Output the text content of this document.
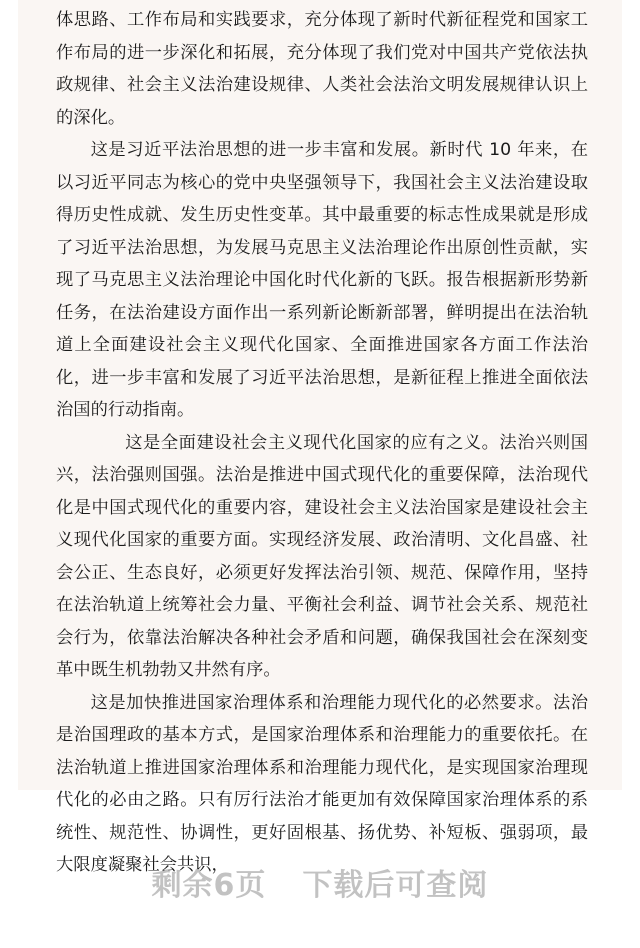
体思路、工作布局和实践要求，充分体现了新时代新征程党和国家工作布局的进一步深化和拓展，充分体现了我们党对中国共产党依法执政规律、社会主义法治建设规律、人类社会法治文明发展规律认识上的深化。

这是习近平法治思想的进一步丰富和发展。新时代 10 年来，在以习近平同志为核心的党中央坚强领导下，我国社会主义法治建设取得历史性成就、发生历史性变革。其中最重要的标志性成果就是形成了习近平法治思想，为发展马克思主义法治理论作出原创性贡献，实现了马克思主义法治理论中国化时代化新的飞跃。报告根据新形势新任务，在法治建设方面作出一系列新论断新部署，鲜明提出在法治轨道上全面建设社会主义现代化国家、全面推进国家各方面工作法治化，进一步丰富和发展了习近平法治思想，是新征程上推进全面依法治国的行动指南。

这是全面建设社会主义现代化国家的应有之义。法治兴则国兴，法治强则国强。法治是推进中国式现代化的重要保障，法治现代化是中国式现代化的重要内容，建设社会主义法治国家是建设社会主义现代化国家的重要方面。实现经济发展、政治清明、文化昌盛、社会公正、生态良好，必须更好发挥法治引领、规范、保障作用，坚持在法治轨道上统筹社会力量、平衡社会利益、调节社会关系、规范社会行为，依靠法治解决各种社会矛盾和问题，确保我国社会在深刻变革中既生机勃勃又井然有序。

这是加快推进国家治理体系和治理能力现代化的必然要求。法治是治国理政的基本方式，是国家治理体系和治理能力的重要依托。在法治轨道上推进国家治理体系和治理能力现代化，是实现国家治理现代化的必由之路。只有厉行法治才能更加有效保障国家治理体系的系统性、规范性、协调性，更好固根基、扬优势、补短板、强弱项，最大限度凝聚社会共识，

剩余6页 下载后可查阅
